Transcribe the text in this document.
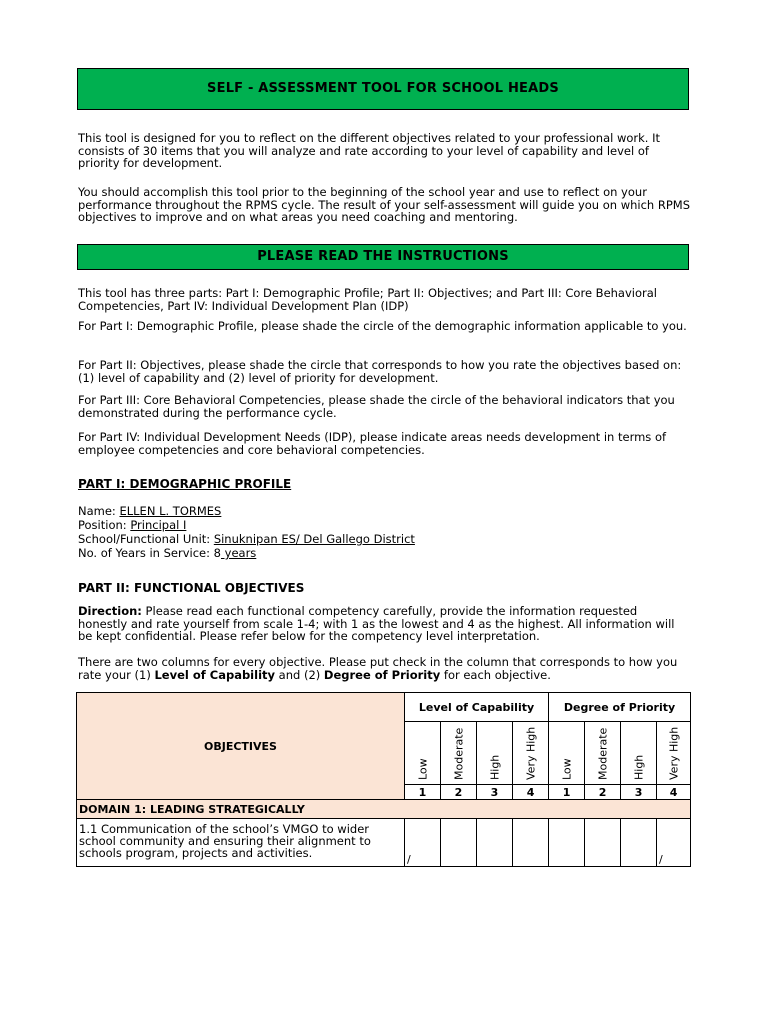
SELF - ASSESSMENT TOOL FOR SCHOOL HEADS

This tool is designed for you to reflect on the different objectives related to your professional work. It consists of 30 items that you will analyze and rate according to your level of capability and level of priority for development.

You should accomplish this tool prior to the beginning of the school year and use to reflect on your performance throughout the RPMS cycle. The result of your self-assessment will guide you on which RPMS objectives to improve and on what areas you need coaching and mentoring.

PLEASE READ THE INSTRUCTIONS

This tool has three parts: Part I: Demographic Profile; Part II: Objectives; and Part III: Core Behavioral Competencies, Part IV: Individual Development Plan (IDP)

For Part I: Demographic Profile, please shade the circle of the demographic information applicable to you.

For Part II: Objectives, please shade the circle that corresponds to how you rate the objectives based on: (1) level of capability and (2) level of priority for development.

For Part III: Core Behavioral Competencies, please shade the circle of the behavioral indicators that you demonstrated during the performance cycle.

For Part IV: Individual Development Needs (IDP), please indicate areas needs development in terms of employee competencies and core behavioral competencies.

PART I: DEMOGRAPHIC PROFILE
Name: ELLEN L. TORMES
Position: Principal I
School/Functional Unit: Sinuknipan ES/ Del Gallego District
No. of Years in Service: 8 years
PART II: FUNCTIONAL OBJECTIVES

Direction: Please read each functional competency carefully, provide the information requested honestly and rate yourself from scale 1-4; with 1 as the lowest and 4 as the highest. All information will be kept confidential. Please refer below for the competency level interpretation.

There are two columns for every objective. Please put check in the column that corresponds to how you rate your (1) Level of Capability and (2) Degree of Priority for each objective.

OBJECTIVES	Level of Capability				Degree of Priority			

	Low	Moderate	High	Very High	Low	Moderate	High	Very High

	1	2	3	4	1	2	3	4
DOMAIN 1: LEADING STRATEGICALLY								
1.1 Communication of the school’s VMGO to wider school community and ensuring their alignment to schools program, projects and activities.	/							/
